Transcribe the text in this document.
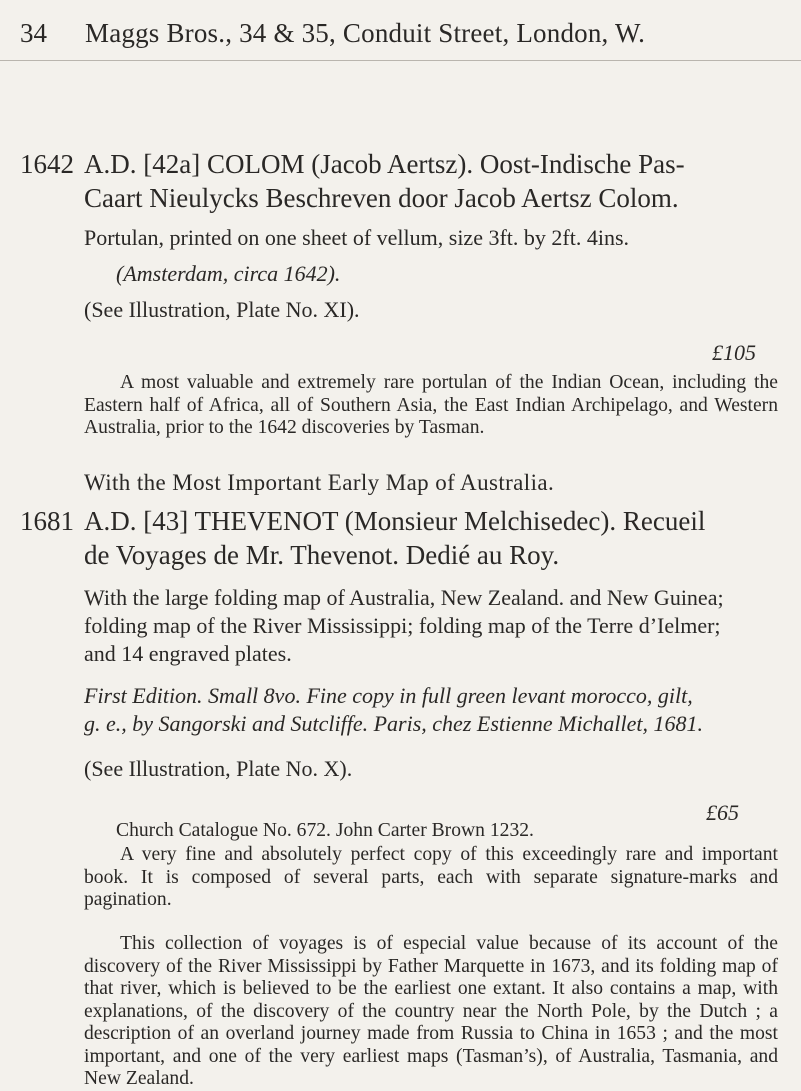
34 Maggs Bros., 34 & 35, Conduit Street, London, W.
1642 A.D. [42a] COLOM (Jacob Aertsz). Oost-Indische Pas-
Caart Nieulycks Beschreven door Jacob Aertsz Colom.
Portulan, printed on one sheet of vellum, size 3ft. by 2ft. 4ins.
(Amsterdam, circa 1642).
(See Illustration, Plate No. XI).
£105
A most valuable and extremely rare portulan of the Indian Ocean, including the Eastern half of Africa, all of Southern Asia, the East Indian Archipelago, and Western Australia, prior to the 1642 discoveries by Tasman.
With the Most Important Early Map of Australia.
1681 A.D. [43] THEVENOT (Monsieur Melchisedec). Recueil
de Voyages de Mr. Thevenot. Dedié au Roy.
With the large folding map of Australia, New Zealand. and New Guinea;
folding map of the River Mississippi; folding map of the Terre d’Ielmer;
and 14 engraved plates.
First Edition. Small 8vo. Fine copy in full green levant morocco, gilt,
g. e., by Sangorski and Sutcliffe. Paris, chez Estienne Michallet, 1681.
(See Illustration, Plate No. X).
£65
Church Catalogue No. 672. John Carter Brown 1232.
A very fine and absolutely perfect copy of this exceedingly rare and important book. It is composed of several parts, each with separate signature-marks and pagination.
This collection of voyages is of especial value because of its account of the discovery of the River Mississippi by Father Marquette in 1673, and its folding map of that river, which is believed to be the earliest one extant. It also contains a map, with explanations, of the discovery of the country near the North Pole, by the Dutch ; a description of an overland journey made from Russia to China in 1653 ; and the most important, and one of the very earliest maps (Tasman’s), of Australia, Tasmania, and New Zealand.
